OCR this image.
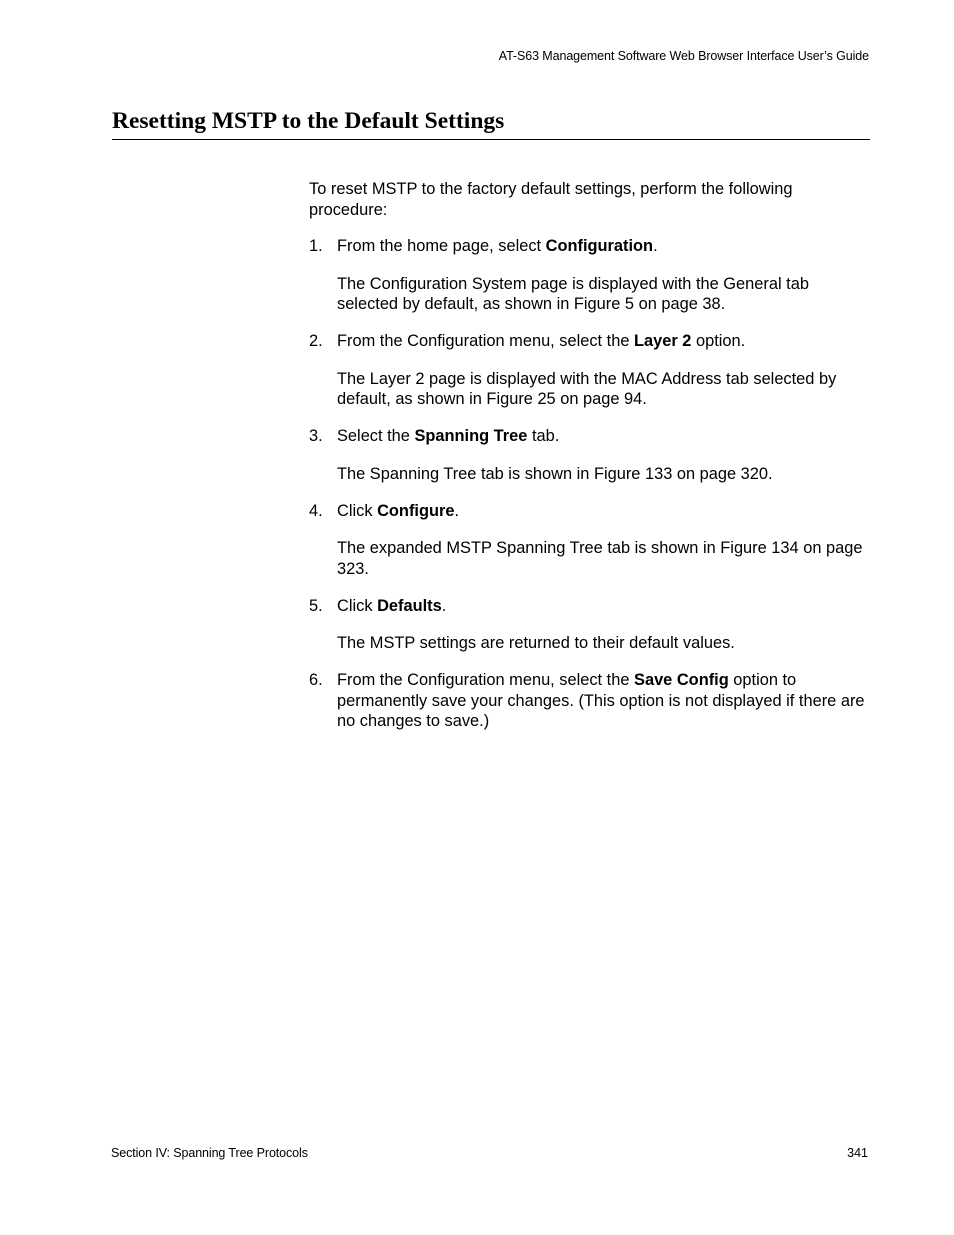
AT-S63 Management Software Web Browser Interface User’s Guide
Resetting MSTP to the Default Settings

To reset MSTP to the factory default settings, perform the following procedure:

1. From the home page, select Configuration.

The Configuration System page is displayed with the General tab selected by default, as shown in Figure 5 on page 38.

2. From the Configuration menu, select the Layer 2 option.

The Layer 2 page is displayed with the MAC Address tab selected by default, as shown in Figure 25 on page 94.

3. Select the Spanning Tree tab.

The Spanning Tree tab is shown in Figure 133 on page 320.

4. Click Configure.

The expanded MSTP Spanning Tree tab is shown in Figure 134 on page 323.

5. Click Defaults.

The MSTP settings are returned to their default values.

6. From the Configuration menu, select the Save Config option to permanently save your changes. (This option is not displayed if there are no changes to save.)

Section IV: Spanning Tree Protocols	341
